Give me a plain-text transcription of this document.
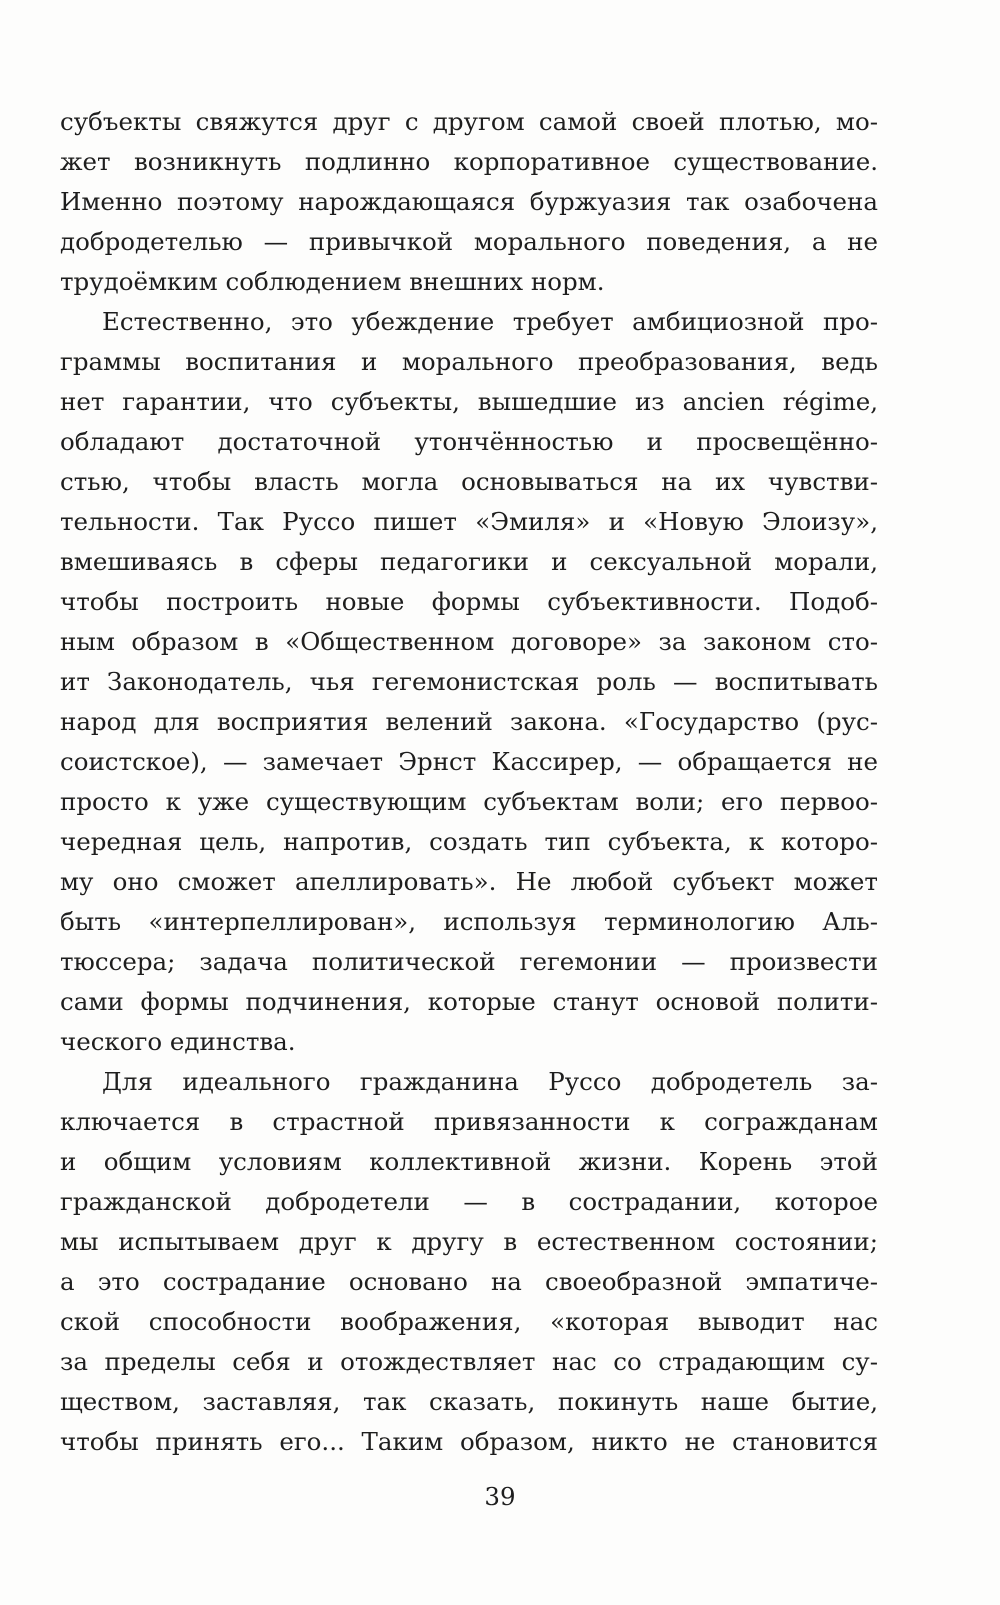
субъекты свяжутся друг с другом самой своей плотью, мо-
жет возникнуть подлинно корпоративное существование.
Именно поэтому нарождающаяся буржуазия так озабочена
добродетелью — привычкой морального поведения, а не
трудоёмким соблюдением внешних норм.
Естественно, это убеждение требует амбициозной про-
граммы воспитания и морального преобразования, ведь
нет гарантии, что субъекты, вышедшие из ancien régime,
обладают достаточной утончённостью и просвещённо-
стью, чтобы власть могла основываться на их чувстви-
тельности. Так Руссо пишет «Эмиля» и «Новую Элоизу»,
вмешиваясь в сферы педагогики и сексуальной морали,
чтобы построить новые формы субъективности. Подоб-
ным образом в «Общественном договоре» за законом сто-
ит Законодатель, чья гегемонистская роль — воспитывать
народ для восприятия велений закона. «Государство (рус-
соистское), — замечает Эрнст Кассирер, — обращается не
просто к уже существующим субъектам воли; его первоо-
чередная цель, напротив, создать тип субъекта, к которо-
му оно сможет апеллировать». Не любой субъект может
быть «интерпеллирован», используя терминологию Аль-
тюссера; задача политической гегемонии — произвести
сами формы подчинения, которые станут основой полити-
ческого единства.
Для идеального гражданина Руссо добродетель за-
ключается в страстной привязанности к согражданам
и общим условиям коллективной жизни. Корень этой
гражданской добродетели — в сострадании, которое
мы испытываем друг к другу в естественном состоянии;
а это сострадание основано на своеобразной эмпатиче-
ской способности воображения, «которая выводит нас
за пределы себя и отождествляет нас со страдающим су-
ществом, заставляя, так сказать, покинуть наше бытие,
чтобы принять его... Таким образом, никто не становится
39
